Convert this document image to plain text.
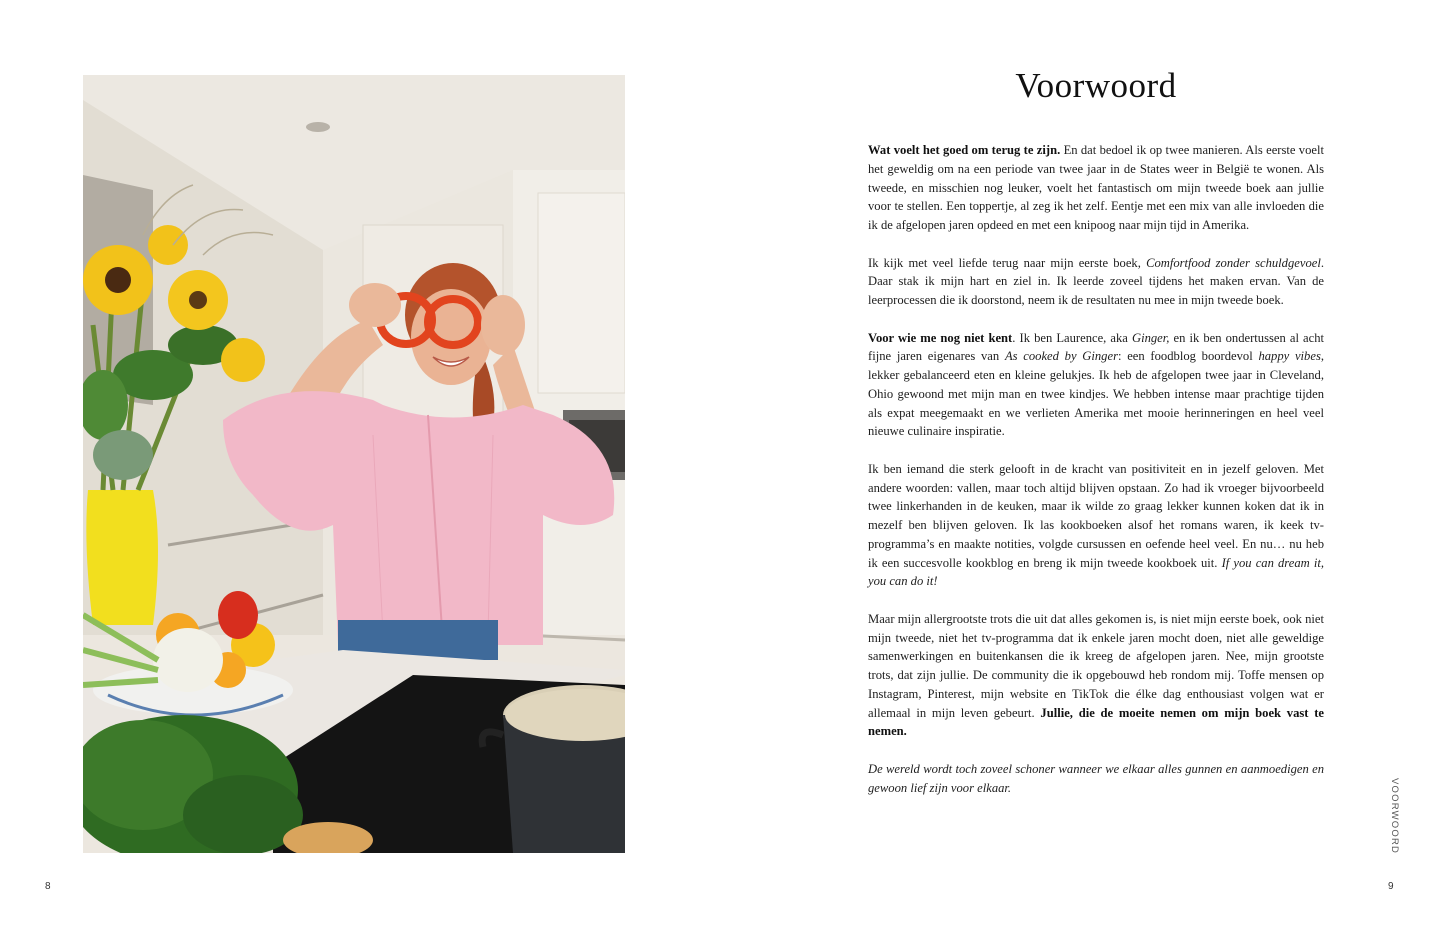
8
Voorwoord

Wat voelt het goed om terug te zijn. En dat bedoel ik op twee manieren. Als eerste voelt het geweldig om na een periode van twee jaar in de States weer in België te wonen. Als tweede, en misschien nog leuker, voelt het fantastisch om mijn tweede boek aan jullie voor te stellen. Een toppertje, al zeg ik het zelf. Eentje met een mix van alle invloeden die ik de afgelopen jaren opdeed en met een knipoog naar mijn tijd in Amerika.

Ik kijk met veel liefde terug naar mijn eerste boek, Comfortfood zonder schuldgevoel. Daar stak ik mijn hart en ziel in. Ik leerde zoveel tijdens het maken ervan. Van de leerprocessen die ik doorstond, neem ik de resultaten nu mee in mijn tweede boek.

Voor wie me nog niet kent. Ik ben Laurence, aka Ginger, en ik ben ondertussen al acht fijne jaren eigenares van As cooked by Ginger: een foodblog boordevol happy vibes, lekker gebalanceerd eten en kleine gelukjes. Ik heb de afgelopen twee jaar in Cleveland, Ohio gewoond met mijn man en twee kindjes. We hebben intense maar prachtige tijden als expat meegemaakt en we verlieten Amerika met mooie herinneringen en heel veel nieuwe culinaire inspiratie.

Ik ben iemand die sterk gelooft in de kracht van positiviteit en in jezelf geloven. Met andere woorden: vallen, maar toch altijd blijven opstaan. Zo had ik vroeger bijvoorbeeld twee linkerhanden in de keuken, maar ik wilde zo graag lekker kunnen koken dat ik in mezelf ben blijven geloven. Ik las kookboeken alsof het romans waren, ik keek tv-programma’s en maakte notities, volgde cursussen en oefende heel veel. En nu… nu heb ik een succesvolle kookblog en breng ik mijn tweede kookboek uit. If you can dream it, you can do it!

Maar mijn allergrootste trots die uit dat alles gekomen is, is niet mijn eerste boek, ook niet mijn tweede, niet het tv-programma dat ik enkele jaren mocht doen, niet alle geweldige samenwerkingen en buitenkansen die ik kreeg de afgelopen jaren. Nee, mijn grootste trots, dat zijn jullie. De community die ik opgebouwd heb rondom mij. Toffe mensen op Instagram, Pinterest, mijn website en TikTok die élke dag enthousiast volgen wat er allemaal in mijn leven gebeurt. Jullie, die de moeite nemen om mijn boek vast te nemen.

De wereld wordt toch zoveel schoner wanneer we elkaar alles gunnen en aanmoedigen en gewoon lief zijn voor elkaar.	VOORWOORD
9
